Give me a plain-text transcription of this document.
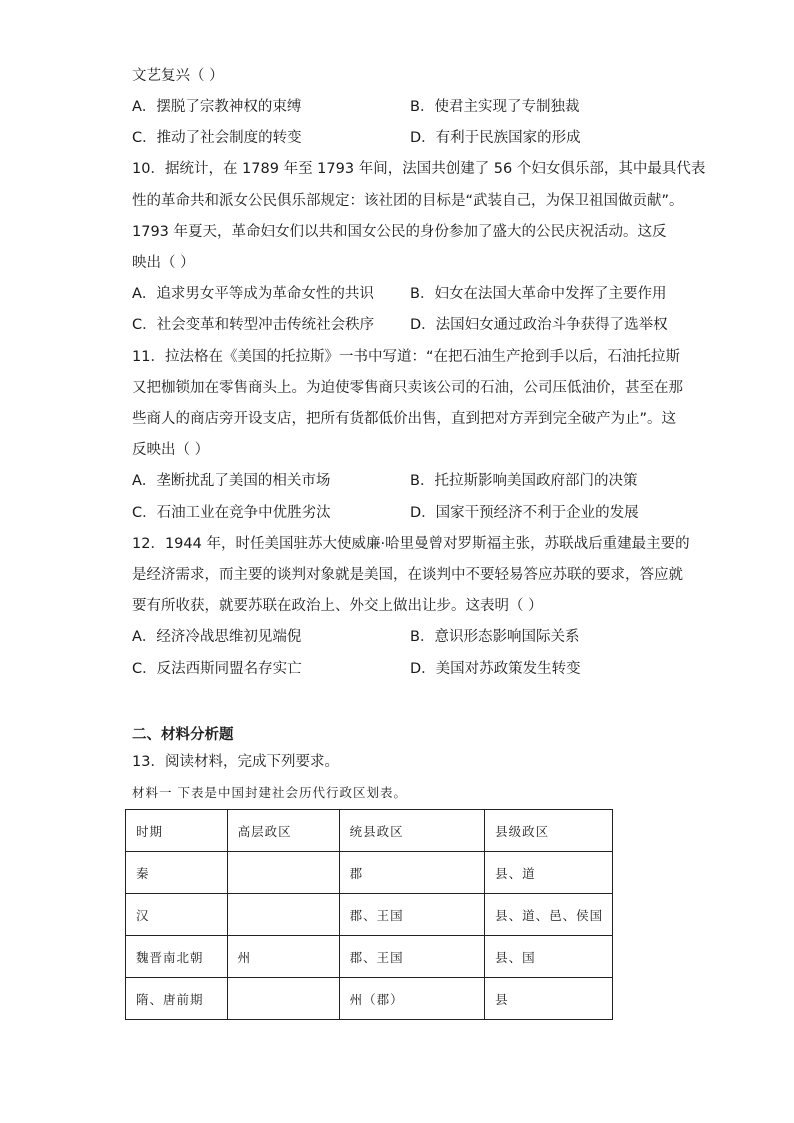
文艺复兴（ ）
A．摆脱了宗教神权的束缚	B．使君主实现了专制独裁
C．推动了社会制度的转变	D．有利于民族国家的形成
10．据统计，在 1789 年至 1793 年间，法国共创建了 56 个妇女俱乐部，其中最具代表
性的革命共和派女公民俱乐部规定：该社团的目标是“武装自己，为保卫祖国做贡献”。
1793 年夏天，革命妇女们以共和国女公民的身份参加了盛大的公民庆祝活动。这反
映出（ ）
A．追求男女平等成为革命女性的共识 B．妇女在法国大革命中发挥了主要作用
C．社会变革和转型冲击传统社会秩序 D．法国妇女通过政治斗争获得了选举权
11．拉法格在《美国的托拉斯》一书中写道：“在把石油生产抢到手以后，石油托拉斯
又把枷锁加在零售商头上。为迫使零售商只卖该公司的石油，公司压低油价，甚至在那
些商人的商店旁开设支店，把所有货都低价出售，直到把对方弄到完全破产为止”。这
反映出（ ）
A．垄断扰乱了美国的相关市场	B．托拉斯影响美国政府部门的决策
C．石油工业在竞争中优胜劣汰	D．国家干预经济不利于企业的发展
12．1944 年，时任美国驻苏大使威廉·哈里曼曾对罗斯福主张，苏联战后重建最主要的
是经济需求，而主要的谈判对象就是美国，在谈判中不要轻易答应苏联的要求，答应就
要有所收获，就要苏联在政治上、外交上做出让步。这表明（ ）
A．经济冷战思维初见端倪	B．意识形态影响国际关系
C．反法西斯同盟名存实亡	D．美国对苏政策发生转变
二、材料分析题
13．阅读材料，完成下列要求。
材料一 下表是中国封建社会历代行政区划表。
时期	高层政区	统县政区	县级政区
秦		郡	县、道
汉		郡、王国	县、道、邑、侯国
魏晋南北朝	州	郡、王国	县、国
隋、唐前期		州（郡）	县
